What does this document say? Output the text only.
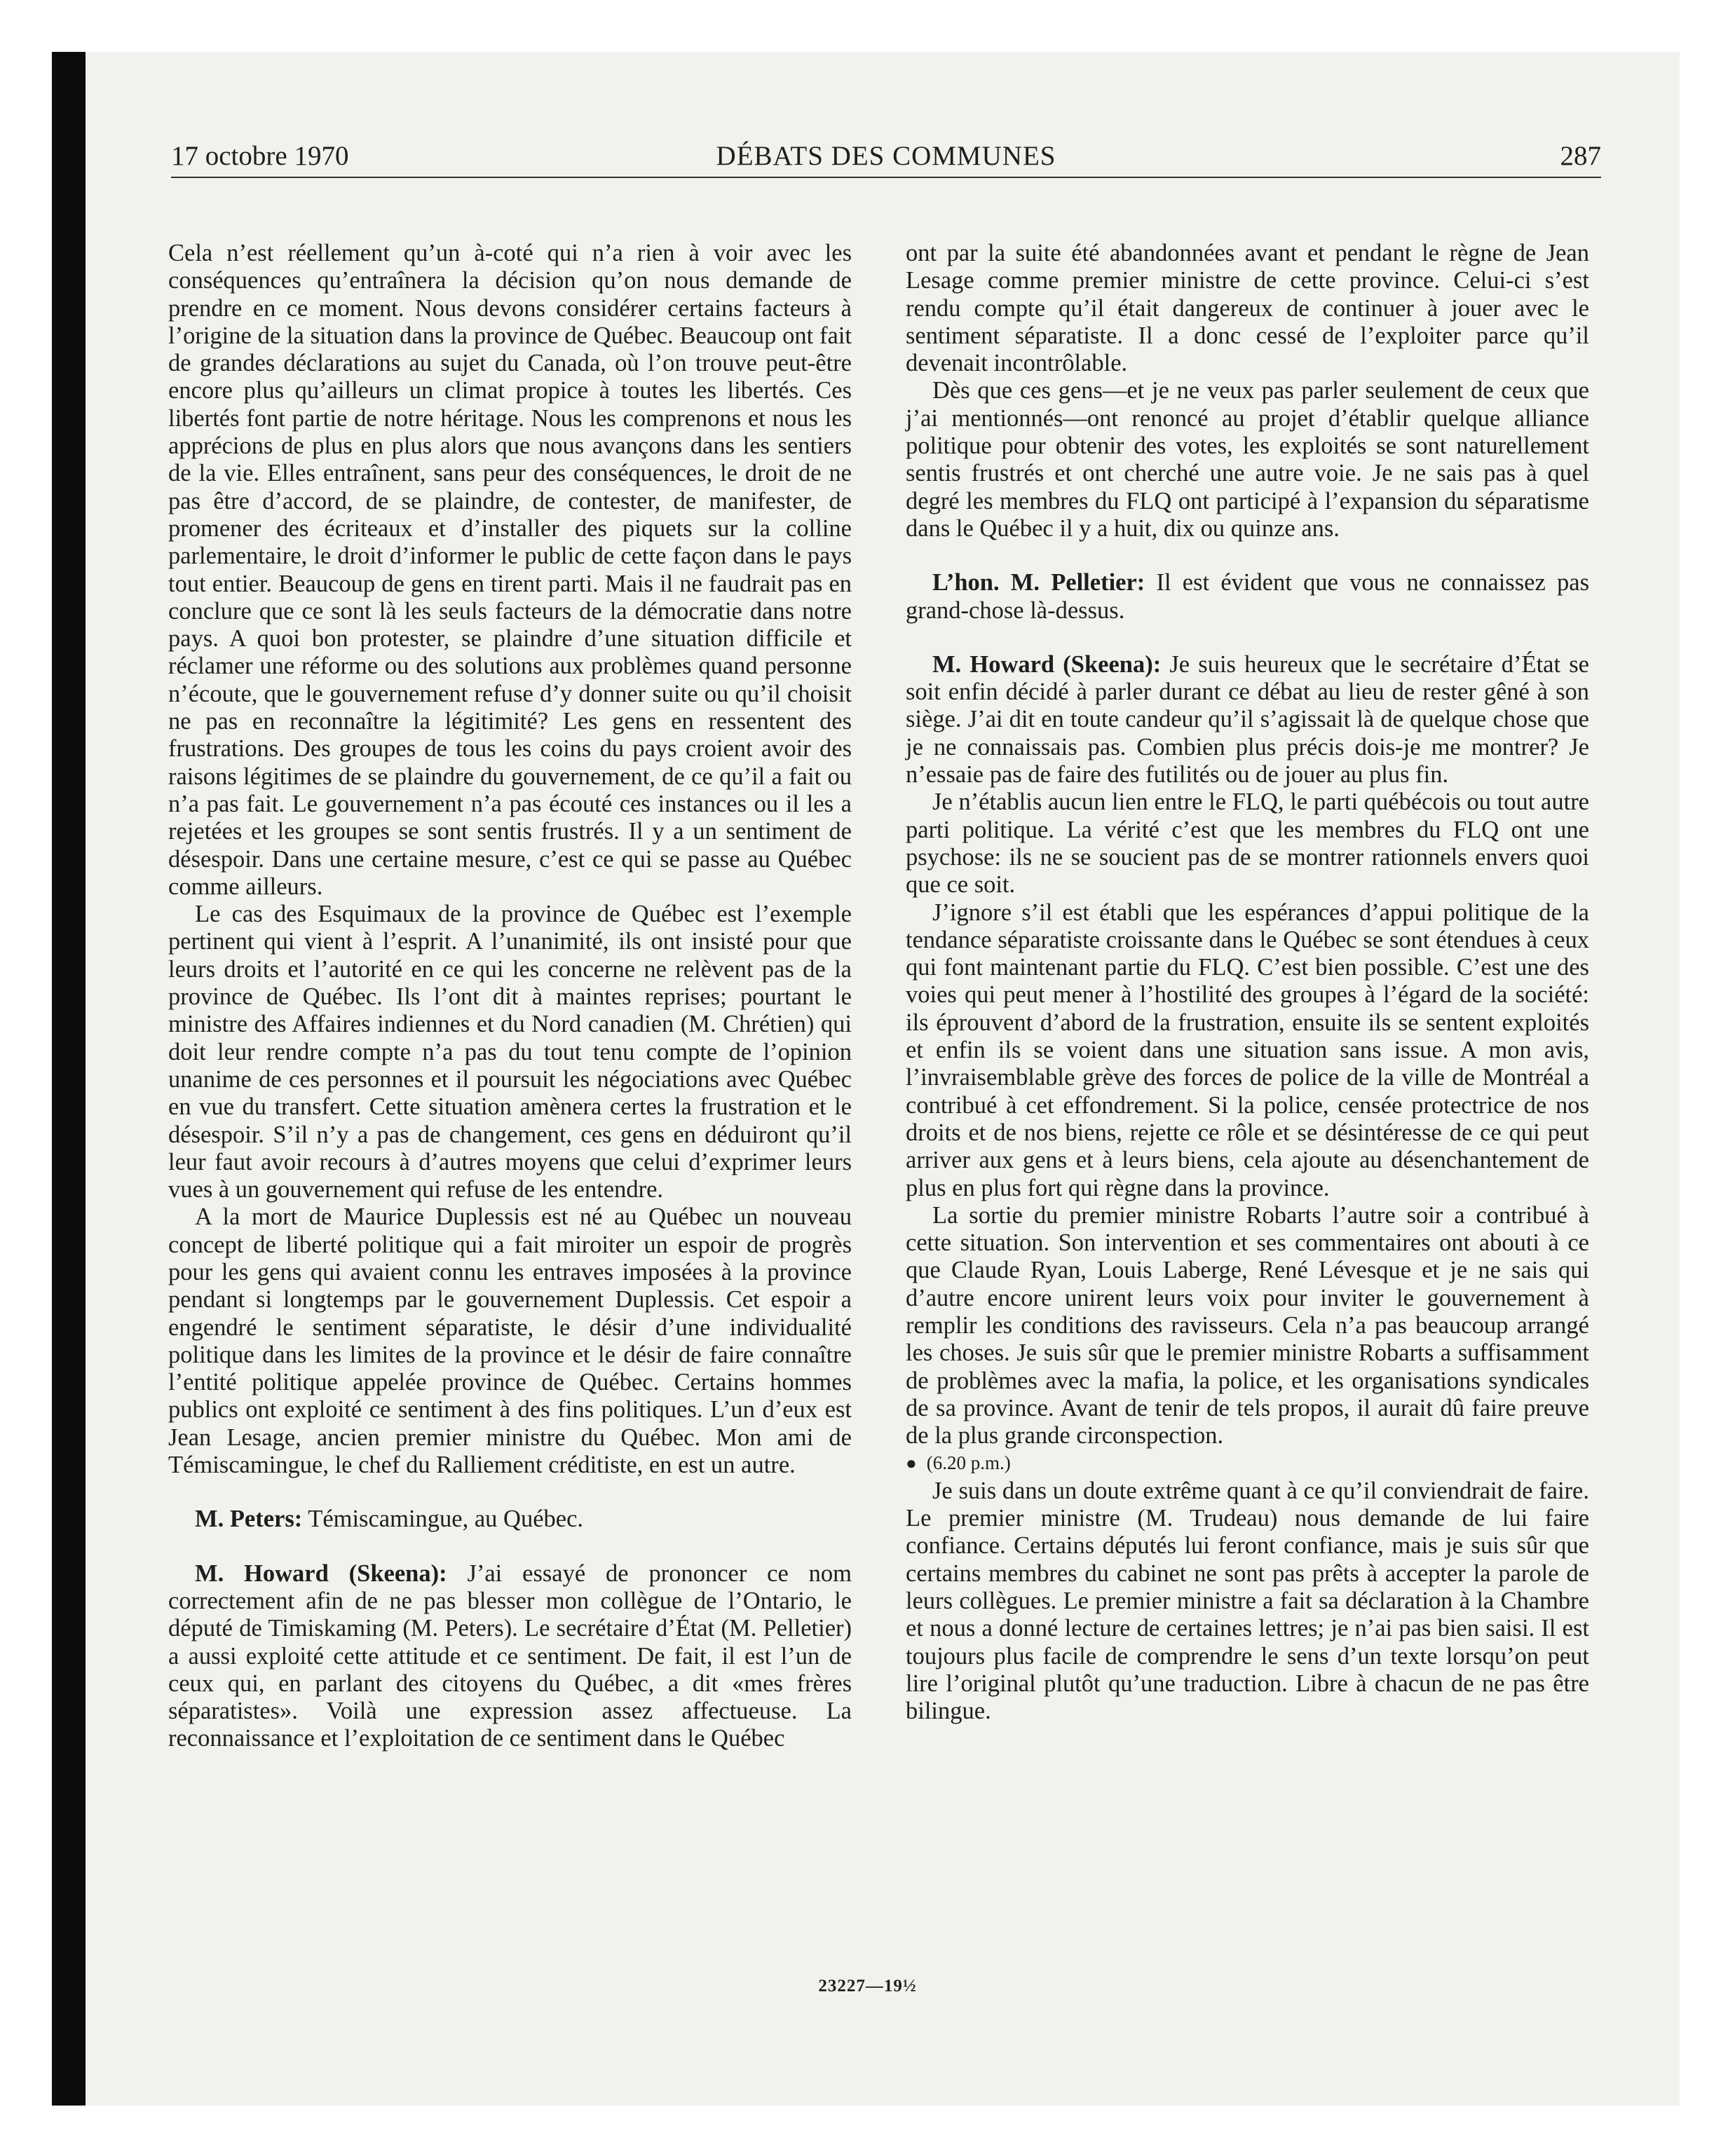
17 octobre 1970	DÉBATS DES COMMUNES	287

Cela n’est réellement qu’un à-coté qui n’a rien à voir avec les conséquences qu’entraînera la décision qu’on nous demande de prendre en ce moment. Nous devons considérer certains facteurs à l’origine de la situation dans la province de Québec. Beaucoup ont fait de grandes déclarations au sujet du Canada, où l’on trouve peut-être encore plus qu’ailleurs un climat propice à toutes les libertés. Ces libertés font partie de notre héritage. Nous les comprenons et nous les apprécions de plus en plus alors que nous avançons dans les sentiers de la vie. Elles entraînent, sans peur des conséquences, le droit de ne pas être d’accord, de se plaindre, de contester, de manifester, de promener des écriteaux et d’installer des piquets sur la colline parlementaire, le droit d’informer le public de cette façon dans le pays tout entier. Beaucoup de gens en tirent parti. Mais il ne faudrait pas en conclure que ce sont là les seuls facteurs de la démocratie dans notre pays. A quoi bon protester, se plaindre d’une situation difficile et réclamer une réforme ou des solutions aux problèmes quand personne n’écoute, que le gouvernement refuse d’y donner suite ou qu’il choisit ne pas en reconnaître la légitimité? Les gens en ressentent des frustrations. Des groupes de tous les coins du pays croient avoir des raisons légitimes de se plaindre du gouvernement, de ce qu’il a fait ou n’a pas fait. Le gouvernement n’a pas écouté ces instances ou il les a rejetées et les groupes se sont sentis frustrés. Il y a un sentiment de désespoir. Dans une certaine mesure, c’est ce qui se passe au Québec comme ailleurs.

Le cas des Esquimaux de la province de Québec est l’exemple pertinent qui vient à l’esprit. A l’unanimité, ils ont insisté pour que leurs droits et l’autorité en ce qui les concerne ne relèvent pas de la province de Québec. Ils l’ont dit à maintes reprises; pourtant le ministre des Affaires indiennes et du Nord canadien (M. Chrétien) qui doit leur rendre compte n’a pas du tout tenu compte de l’opinion unanime de ces personnes et il poursuit les négociations avec Québec en vue du transfert. Cette situation amènera certes la frustration et le désespoir. S’il n’y a pas de changement, ces gens en déduiront qu’il leur faut avoir recours à d’autres moyens que celui d’exprimer leurs vues à un gouvernement qui refuse de les entendre.

A la mort de Maurice Duplessis est né au Québec un nouveau concept de liberté politique qui a fait miroiter un espoir de progrès pour les gens qui avaient connu les entraves imposées à la province pendant si longtemps par le gouvernement Duplessis. Cet espoir a engendré le sentiment séparatiste, le désir d’une individualité politique dans les limites de la province et le désir de faire connaître l’entité politique appelée province de Québec. Certains hommes publics ont exploité ce sentiment à des fins politiques. L’un d’eux est Jean Lesage, ancien premier ministre du Québec. Mon ami de Témiscamingue, le chef du Ralliement créditiste, en est un autre.

M. Peters: Témiscamingue, au Québec.

M. Howard (Skeena): J’ai essayé de prononcer ce nom correctement afin de ne pas blesser mon collègue de l’Ontario, le député de Timiskaming (M. Peters). Le secrétaire d’État (M. Pelletier) a aussi exploité cette attitude et ce sentiment. De fait, il est l’un de ceux qui, en parlant des citoyens du Québec, a dit «mes frères séparatistes». Voilà une expression assez affectueuse. La reconnaissance et l’exploitation de ce sentiment dans le Québec

ont par la suite été abandonnées avant et pendant le règne de Jean Lesage comme premier ministre de cette province. Celui-ci s’est rendu compte qu’il était dangereux de continuer à jouer avec le sentiment séparatiste. Il a donc cessé de l’exploiter parce qu’il devenait incontrôlable.

Dès que ces gens—et je ne veux pas parler seulement de ceux que j’ai mentionnés—ont renoncé au projet d’établir quelque alliance politique pour obtenir des votes, les exploités se sont naturellement sentis frustrés et ont cherché une autre voie. Je ne sais pas à quel degré les membres du FLQ ont participé à l’expansion du séparatisme dans le Québec il y a huit, dix ou quinze ans.

L’hon. M. Pelletier: Il est évident que vous ne connaissez pas grand-chose là-dessus.

M. Howard (Skeena): Je suis heureux que le secrétaire d’État se soit enfin décidé à parler durant ce débat au lieu de rester gêné à son siège. J’ai dit en toute candeur qu’il s’agissait là de quelque chose que je ne connaissais pas. Combien plus précis dois-je me montrer? Je n’essaie pas de faire des futilités ou de jouer au plus fin.

Je n’établis aucun lien entre le FLQ, le parti québécois ou tout autre parti politique. La vérité c’est que les membres du FLQ ont une psychose: ils ne se soucient pas de se montrer rationnels envers quoi que ce soit.

J’ignore s’il est établi que les espérances d’appui politique de la tendance séparatiste croissante dans le Québec se sont étendues à ceux qui font maintenant partie du FLQ. C’est bien possible. C’est une des voies qui peut mener à l’hostilité des groupes à l’égard de la société: ils éprouvent d’abord de la frustration, ensuite ils se sentent exploités et enfin ils se voient dans une situation sans issue. A mon avis, l’invraisemblable grève des forces de police de la ville de Montréal a contribué à cet effondrement. Si la police, censée protectrice de nos droits et de nos biens, rejette ce rôle et se désintéresse de ce qui peut arriver aux gens et à leurs biens, cela ajoute au désenchantement de plus en plus fort qui règne dans la province.

La sortie du premier ministre Robarts l’autre soir a contribué à cette situation. Son intervention et ses commentaires ont abouti à ce que Claude Ryan, Louis Laberge, René Lévesque et je ne sais qui d’autre encore unirent leurs voix pour inviter le gouvernement à remplir les conditions des ravisseurs. Cela n’a pas beaucoup arrangé les choses. Je suis sûr que le premier ministre Robarts a suffisamment de problèmes avec la mafia, la police, et les organisations syndicales de sa province. Avant de tenir de tels propos, il aurait dû faire preuve de la plus grande circonspection.

● (6.20 p.m.)

Je suis dans un doute extrême quant à ce qu’il conviendrait de faire. Le premier ministre (M. Trudeau) nous demande de lui faire confiance. Certains députés lui feront confiance, mais je suis sûr que certains membres du cabinet ne sont pas prêts à accepter la parole de leurs collègues. Le premier ministre a fait sa déclaration à la Chambre et nous a donné lecture de certaines lettres; je n’ai pas bien saisi. Il est toujours plus facile de comprendre le sens d’un texte lorsqu’on peut lire l’original plutôt qu’une traduction. Libre à chacun de ne pas être bilingue.

23227—19½
